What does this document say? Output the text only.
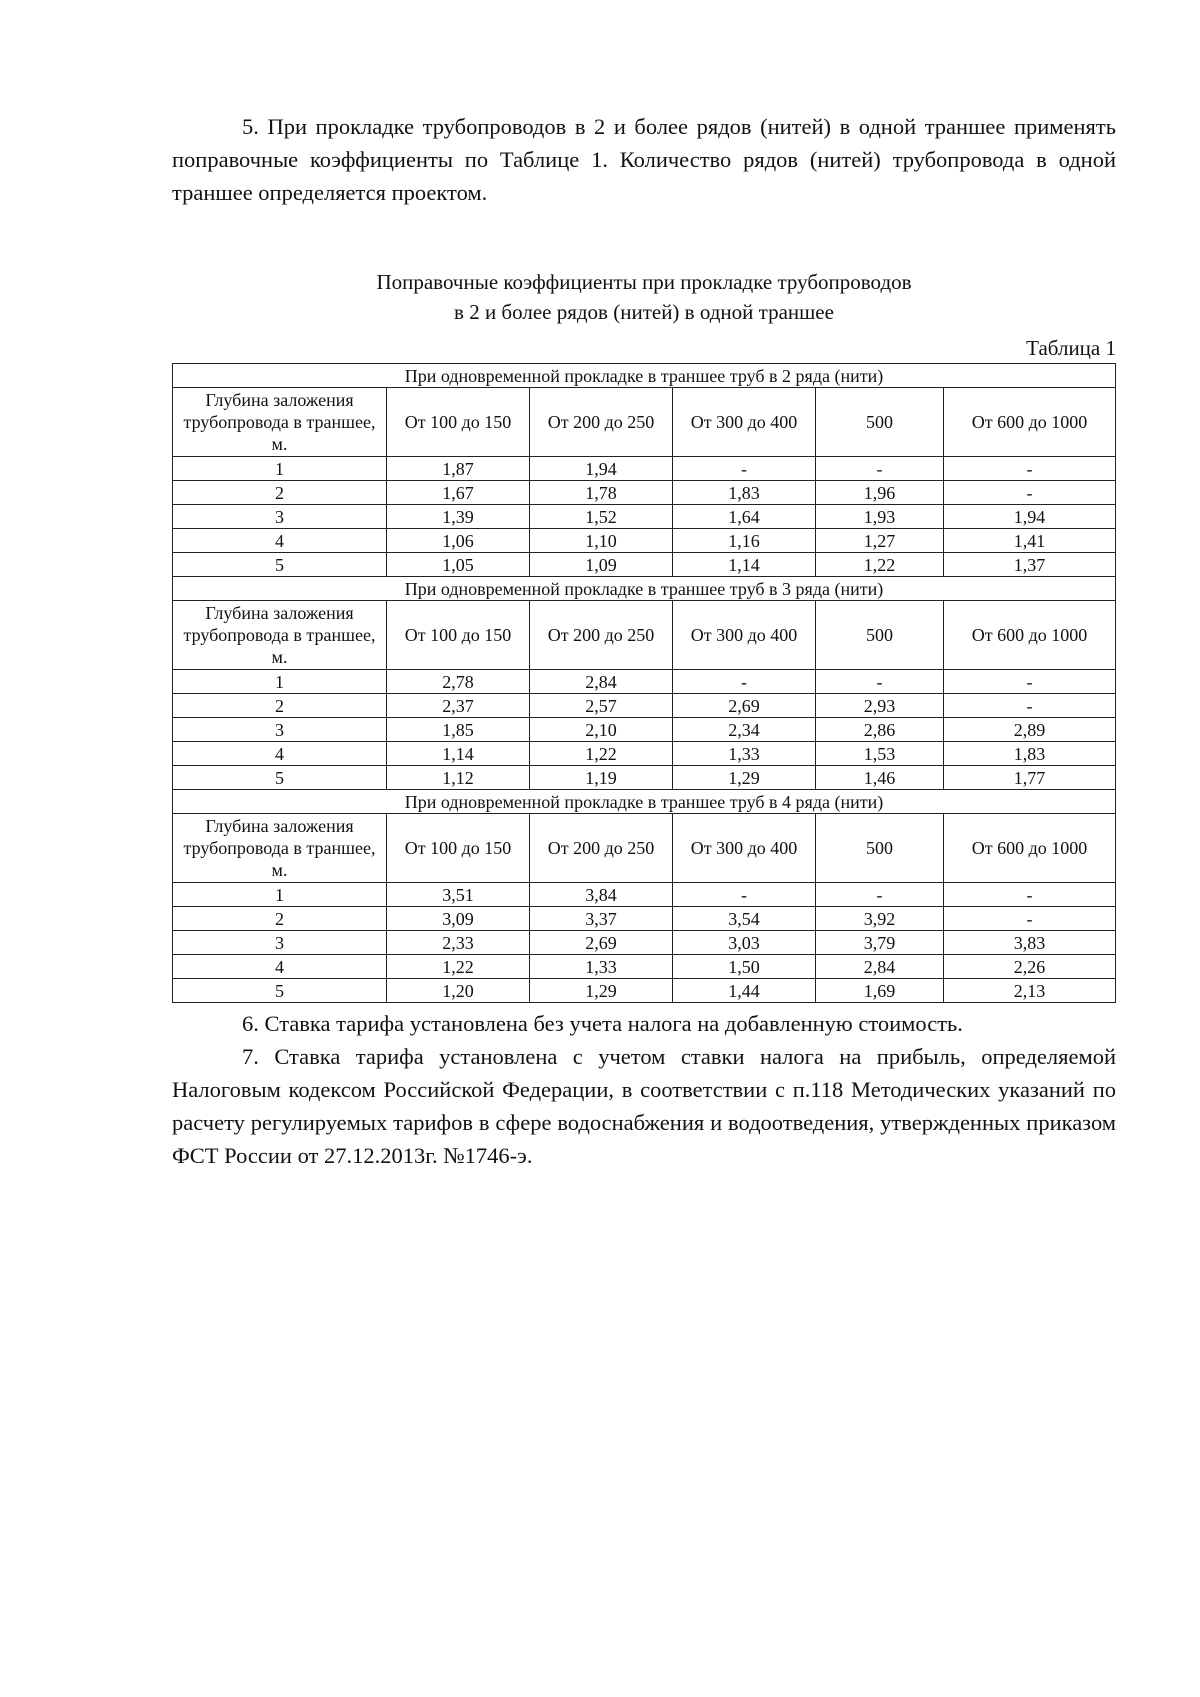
5. При прокладке трубопроводов в 2 и более рядов (нитей) в одной траншее применять поправочные коэффициенты по Таблице 1. Количество рядов (нитей) трубопровода в одной траншее определяется проектом.

Поправочные коэффициенты при прокладке трубопроводов

в 2 и более рядов (нитей) в одной траншее

Таблица 1

При одновременной прокладке в траншее труб в 2 ряда (нити)					
Глубина заложения трубопровода в траншее, м.	От 100 до 150	От 200 до 250	От 300 до 400	500	От 600 до 1000
1	1,87	1,94	-	-	-
2	1,67	1,78	1,83	1,96	-
3	1,39	1,52	1,64	1,93	1,94
4	1,06	1,10	1,16	1,27	1,41
5	1,05	1,09	1,14	1,22	1,37
При одновременной прокладке в траншее труб в 3 ряда (нити)					
Глубина заложения трубопровода в траншее, м.	От 100 до 150	От 200 до 250	От 300 до 400	500	От 600 до 1000
1	2,78	2,84	-	-	-
2	2,37	2,57	2,69	2,93	-
3	1,85	2,10	2,34	2,86	2,89
4	1,14	1,22	1,33	1,53	1,83
5	1,12	1,19	1,29	1,46	1,77
При одновременной прокладке в траншее труб в 4 ряда (нити)					
Глубина заложения трубопровода в траншее, м.	От 100 до 150	От 200 до 250	От 300 до 400	500	От 600 до 1000
1	3,51	3,84	-	-	-
2	3,09	3,37	3,54	3,92	-
3	2,33	2,69	3,03	3,79	3,83
4	1,22	1,33	1,50	2,84	2,26
5	1,20	1,29	1,44	1,69	2,13

6. Ставка тарифа установлена без учета налога на добавленную стоимость.

7. Ставка тарифа установлена с учетом ставки налога на прибыль, определяемой Налоговым кодексом Российской Федерации, в соответствии с п.118 Методических указаний по расчету регулируемых тарифов в сфере водоснабжения и водоотведения, утвержденных приказом ФСТ России от 27.12.2013г. №1746-э.
